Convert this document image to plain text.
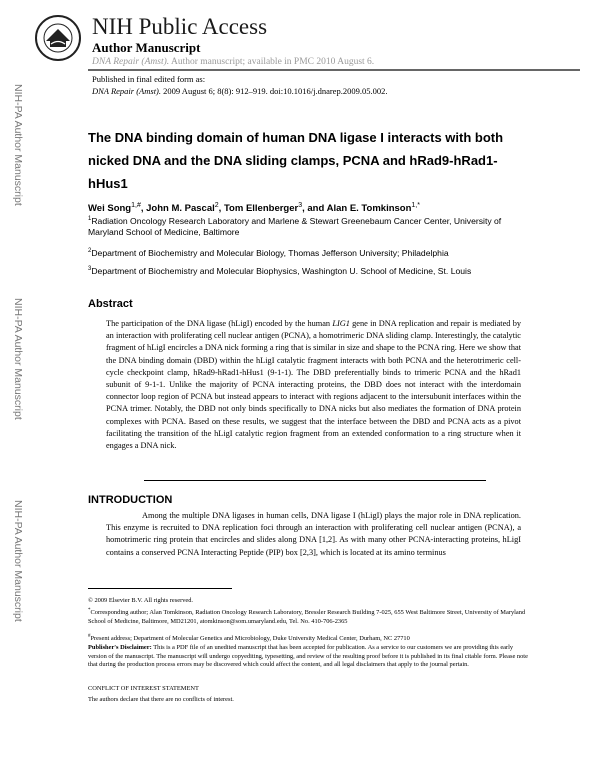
NIH Public Access
Author Manuscript
DNA Repair (Amst). Author manuscript; available in PMC 2010 August 6.
Published in final edited form as:
DNA Repair (Amst). 2009 August 6; 8(8): 912–919. doi:10.1016/j.dnarep.2009.05.002.
NIH-PA Author Manuscript
NIH-PA Author Manuscript
NIH-PA Author Manuscript
The DNA binding domain of human DNA ligase I interacts with both nicked DNA and the DNA sliding clamps, PCNA and hRad9-hRad1-hHus1
Wei Song$^{1,\#}$, John M. Pascal$^2$, Tom Ellenberger$^3$, and Alan E. Tomkinson$^{1,*}$
$^1$Radiation Oncology Research Laboratory and Marlene & Stewart Greenebaum Cancer Center, University of Maryland School of Medicine, Baltimore
$^2$Department of Biochemistry and Molecular Biology, Thomas Jefferson University; Philadelphia
$^3$Department of Biochemistry and Molecular Biophysics, Washington U. School of Medicine, St. Louis
Abstract
The participation of the DNA ligase (hLigI) encoded by the human LIG1 gene in DNA replication and repair is mediated by an interaction with proliferating cell nuclear antigen (PCNA), a homotrimeric DNA sliding clamp. Interestingly, the catalytic fragment of hLigI encircles a DNA nick forming a ring that is similar in size and shape to the PCNA ring. Here we show that the DNA binding domain (DBD) within the hLigI catalytic fragment interacts with both PCNA and the heterotrimeric cell-cycle checkpoint clamp, hRad9-hRad1-hHus1 (9-1-1). The DBD preferentially binds to trimeric PCNA and the hRad1 subunit of 9-1-1. Unlike the majority of PCNA interacting proteins, the DBD does not interact with the interdomain connector loop region of PCNA but instead appears to interact with regions adjacent to the intersubunit interfaces within the PCNA trimer. Notably, the DBD not only binds specifically to DNA nicks but also mediates the formation of DNA protein complexes with PCNA. Based on these results, we suggest that the interface between the DBD and PCNA acts as a pivot facilitating the transition of the hLigI catalytic region fragment from an extended conformation to a ring structure when it engages a DNA nick.
INTRODUCTION
Among the multiple DNA ligases in human cells, DNA ligase I (hLigI) plays the major role in DNA replication. This enzyme is recruited to DNA replication foci through an interaction with proliferating cell nuclear antigen (PCNA), a homotrimeric ring protein that encircles and slides along DNA [1,2]. As with many other PCNA-interacting proteins, hLigI contains a conserved PCNA Interacting Peptide (PIP) box [2,3], which is located at its amino terminus
© 2009 Elsevier B.V. All rights reserved.
*Corresponding author; Alan Tomkinson, Radiation Oncology Research Laboratory, Bressler Research Building 7-025, 655 West Baltimore Street, University of Maryland School of Medicine, Baltimore, MD21201, atomkinson@som.umaryland.edu, Tel. No. 410-706-2365
#Present address; Department of Molecular Genetics and Microbiology, Duke University Medical Center, Durham, NC 27710
Publisher's Disclaimer: This is a PDF file of an unedited manuscript that has been accepted for publication. As a service to our customers we are providing this early version of the manuscript. The manuscript will undergo copyediting, typesetting, and review of the resulting proof before it is published in its final citable form. Please note that during the production process errors may be discovered which could affect the content, and all legal disclaimers that apply to the journal pertain.
CONFLICT OF INTEREST STATEMENT
The authors declare that there are no conflicts of interest.
